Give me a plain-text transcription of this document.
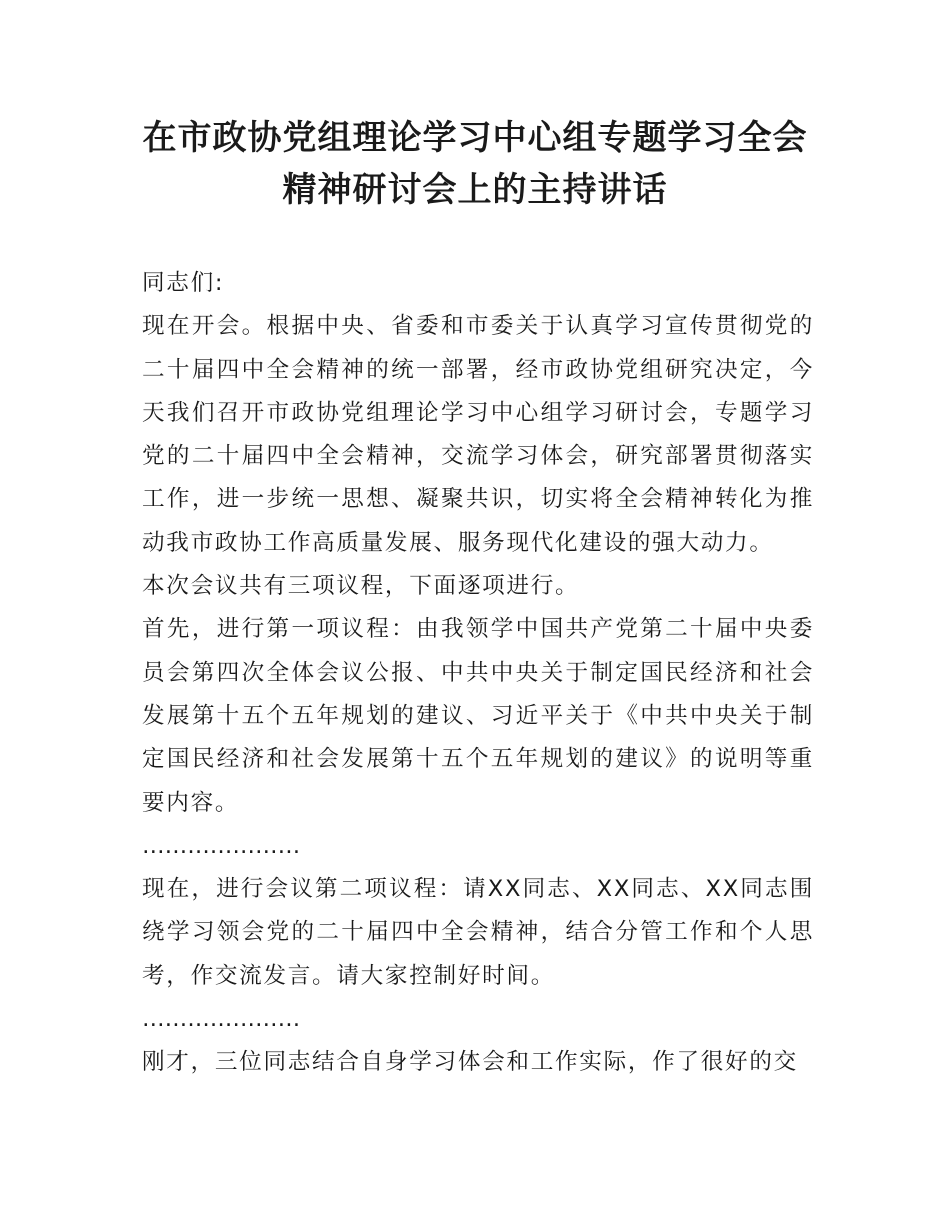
在市政协党组理论学习中心组专题学习全会
精神研讨会上的主持讲话

同志们:

现在开会。根据中央、省委和市委关于认真学习宣传贯彻党的二十届四中全会精神的统一部署，经市政协党组研究决定，今天我们召开市政协党组理论学习中心组学习研讨会，专题学习党的二十届四中全会精神，交流学习体会，研究部署贯彻落实工作，进一步统一思想、凝聚共识，切实将全会精神转化为推动我市政协工作高质量发展、服务现代化建设的强大动力。

本次会议共有三项议程，下面逐项进行。

首先，进行第一项议程：由我领学中国共产党第二十届中央委员会第四次全体会议公报、中共中央关于制定国民经济和社会发展第十五个五年规划的建议、习近平关于《中共中央关于制定国民经济和社会发展第十五个五年规划的建议》的说明等重要内容。

…………………

现在，进行会议第二项议程：请XX同志、XX同志、XX同志围绕学习领会党的二十届四中全会精神，结合分管工作和个人思考，作交流发言。请大家控制好时间。

…………………

刚才，三位同志结合自身学习体会和工作实际，作了很好的交
